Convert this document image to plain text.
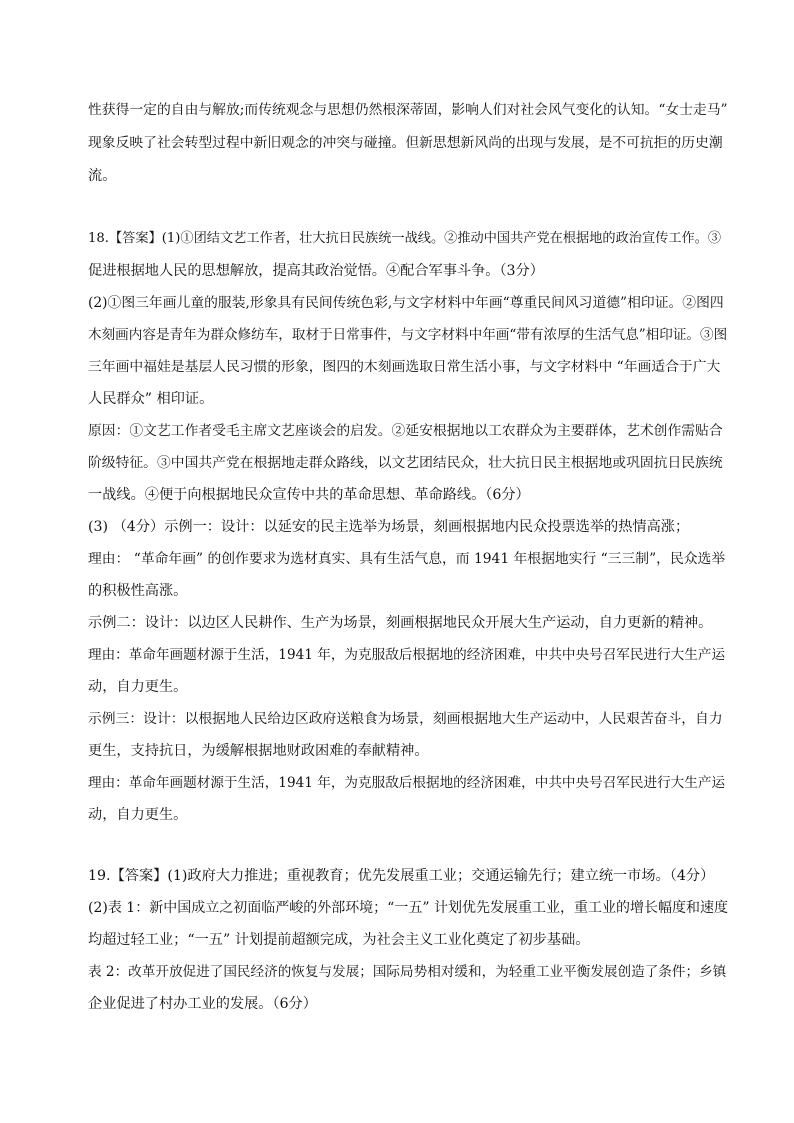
性获得一定的自由与解放;而传统观念与思想仍然根深蒂固，影响人们对社会风气变化的认知。“女士走马”
现象反映了社会转型过程中新旧观念的冲突与碰撞。但新思想新风尚的出现与发展，是不可抗拒的历史潮
流。
18.【答案】(1)①团结文艺工作者，壮大抗日民族统一战线。②推动中国共产党在根据地的政治宣传工作。③
促进根据地人民的思想解放，提高其政治觉悟。④配合军事斗争。（3分）
(2)①图三年画儿童的服装,形象具有民间传统色彩,与文字材料中年画“尊重民间风习道德”相印证。②图四
木刻画内容是青年为群众修纺车，取材于日常事件，与文字材料中年画“带有浓厚的生活气息”相印证。③图
三年画中福娃是基层人民习惯的形象，图四的木刻画选取日常生活小事，与文字材料中 “年画适合于广大
人民群众” 相印证。
原因：①文艺工作者受毛主席文艺座谈会的启发。②延安根据地以工农群众为主要群体，艺术创作需贴合
阶级特征。③中国共产党在根据地走群众路线，以文艺团结民众，壮大抗日民主根据地或巩固抗日民族统
一战线。④便于向根据地民众宣传中共的革命思想、革命路线。（6分）
(3) （4分）示例一：设计：以延安的民主选举为场景，刻画根据地内民众投票选举的热情高涨；
理由： “革命年画” 的创作要求为选材真实、具有生活气息，而 1941 年根据地实行 “三三制”，民众选举
的积极性高涨。
示例二：设计：以边区人民耕作、生产为场景，刻画根据地民众开展大生产运动，自力更新的精神。
理由：革命年画题材源于生活，1941 年，为克服敌后根据地的经济困难，中共中央号召军民进行大生产运
动，自力更生。
示例三：设计：以根据地人民给边区政府送粮食为场景，刻画根据地大生产运动中，人民艰苦奋斗，自力
更生，支持抗日，为缓解根据地财政困难的奉献精神。
理由：革命年画题材源于生活，1941 年，为克服敌后根据地的经济困难，中共中央号召军民进行大生产运
动，自力更生。
19.【答案】(1)政府大力推进；重视教育；优先发展重工业；交通运输先行；建立统一市场。（4分）
(2)表 1：新中国成立之初面临严峻的外部环境；“一五” 计划优先发展重工业，重工业的增长幅度和速度
均超过轻工业；“一五” 计划提前超额完成，为社会主义工业化奠定了初步基础。
表 2：改革开放促进了国民经济的恢复与发展；国际局势相对缓和，为轻重工业平衡发展创造了条件；乡镇
企业促进了村办工业的发展。（6分）
